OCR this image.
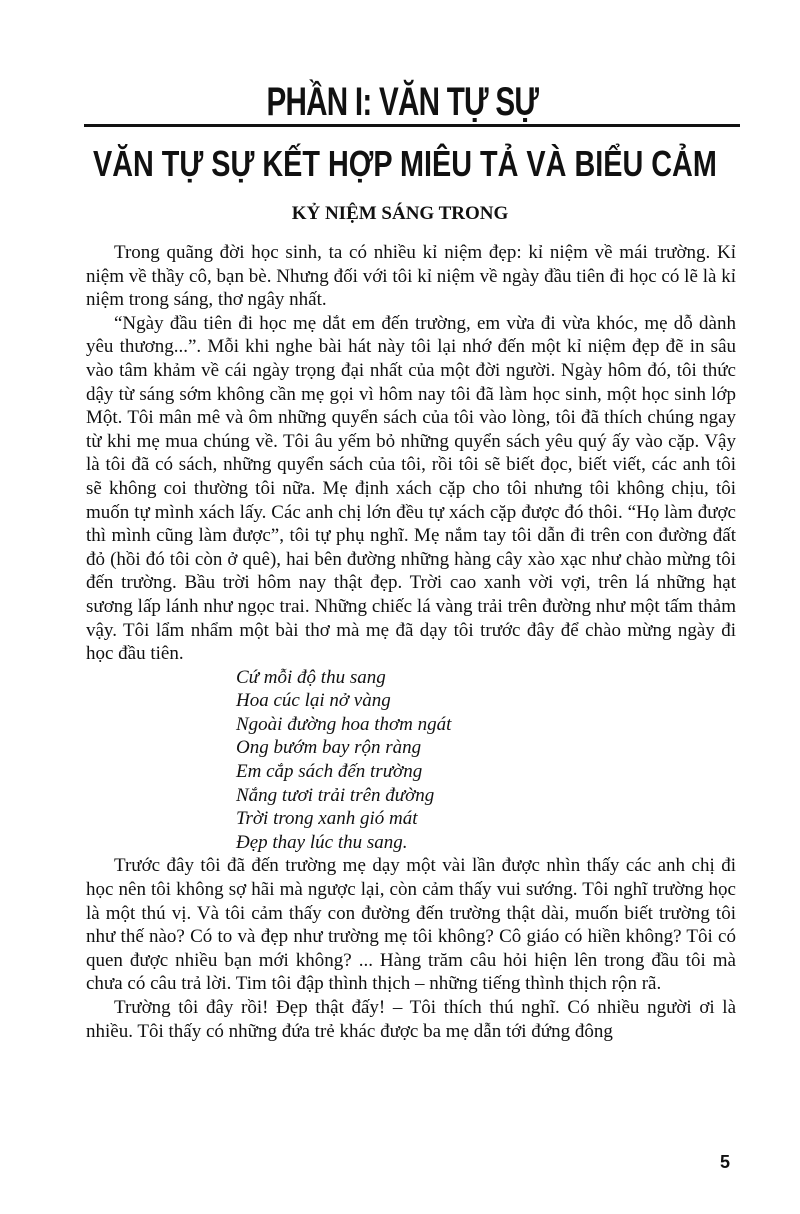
PHẦN I: VĂN TỰ SỰ
VĂN TỰ SỰ KẾT HỢP MIÊU TẢ VÀ BIỂU CẢM
KỶ NIỆM SÁNG TRONG

Trong quãng đời học sinh, ta có nhiều kỉ niệm đẹp: kỉ niệm về mái trường. Kỉ niệm về thầy cô, bạn bè. Nhưng đối với tôi kỉ niệm về ngày đầu tiên đi học có lẽ là kỉ niệm trong sáng, thơ ngây nhất.

“Ngày đầu tiên đi học mẹ dắt em đến trường, em vừa đi vừa khóc, mẹ dỗ dành yêu thương...”. Mỗi khi nghe bài hát này tôi lại nhớ đến một kỉ niệm đẹp đẽ in sâu vào tâm khảm về cái ngày trọng đại nhất của một đời người. Ngày hôm đó, tôi thức dậy từ sáng sớm không cần mẹ gọi vì hôm nay tôi đã làm học sinh, một học sinh lớp Một. Tôi mân mê và ôm những quyển sách của tôi vào lòng, tôi đã thích chúng ngay từ khi mẹ mua chúng về. Tôi âu yếm bỏ những quyển sách yêu quý ấy vào cặp. Vậy là tôi đã có sách, những quyển sách của tôi, rồi tôi sẽ biết đọc, biết viết, các anh tôi sẽ không coi thường tôi nữa. Mẹ định xách cặp cho tôi nhưng tôi không chịu, tôi muốn tự mình xách lấy. Các anh chị lớn đều tự xách cặp được đó thôi. “Họ làm được thì mình cũng làm được”, tôi tự phụ nghĩ. Mẹ nắm tay tôi dẫn đi trên con đường đất đỏ (hồi đó tôi còn ở quê), hai bên đường những hàng cây xào xạc như chào mừng tôi đến trường. Bầu trời hôm nay thật đẹp. Trời cao xanh vời vợi, trên lá những hạt sương lấp lánh như ngọc trai. Những chiếc lá vàng trải trên đường như một tấm thảm vậy. Tôi lẩm nhẩm một bài thơ mà mẹ đã dạy tôi trước đây để chào mừng ngày đi học đầu tiên.

Cứ mỗi độ thu sang
Hoa cúc lại nở vàng
Ngoài đường hoa thơm ngát
Ong bướm bay rộn ràng
Em cắp sách đến trường
Nắng tươi trải trên đường
Trời trong xanh gió mát
Đẹp thay lúc thu sang.

Trước đây tôi đã đến trường mẹ dạy một vài lần được nhìn thấy các anh chị đi học nên tôi không sợ hãi mà ngược lại, còn cảm thấy vui sướng. Tôi nghĩ trường học là một thú vị. Và tôi cảm thấy con đường đến trường thật dài, muốn biết trường tôi như thế nào? Có to và đẹp như trường mẹ tôi không? Cô giáo có hiền không? Tôi có quen được nhiều bạn mới không? ... Hàng trăm câu hỏi hiện lên trong đầu tôi mà chưa có câu trả lời. Tim tôi đập thình thịch – những tiếng thình thịch rộn rã.

Trường tôi đây rồi! Đẹp thật đấy! – Tôi thích thú nghĩ. Có nhiều người ơi là nhiều. Tôi thấy có những đứa trẻ khác được ba mẹ dẫn tới đứng đông

5
